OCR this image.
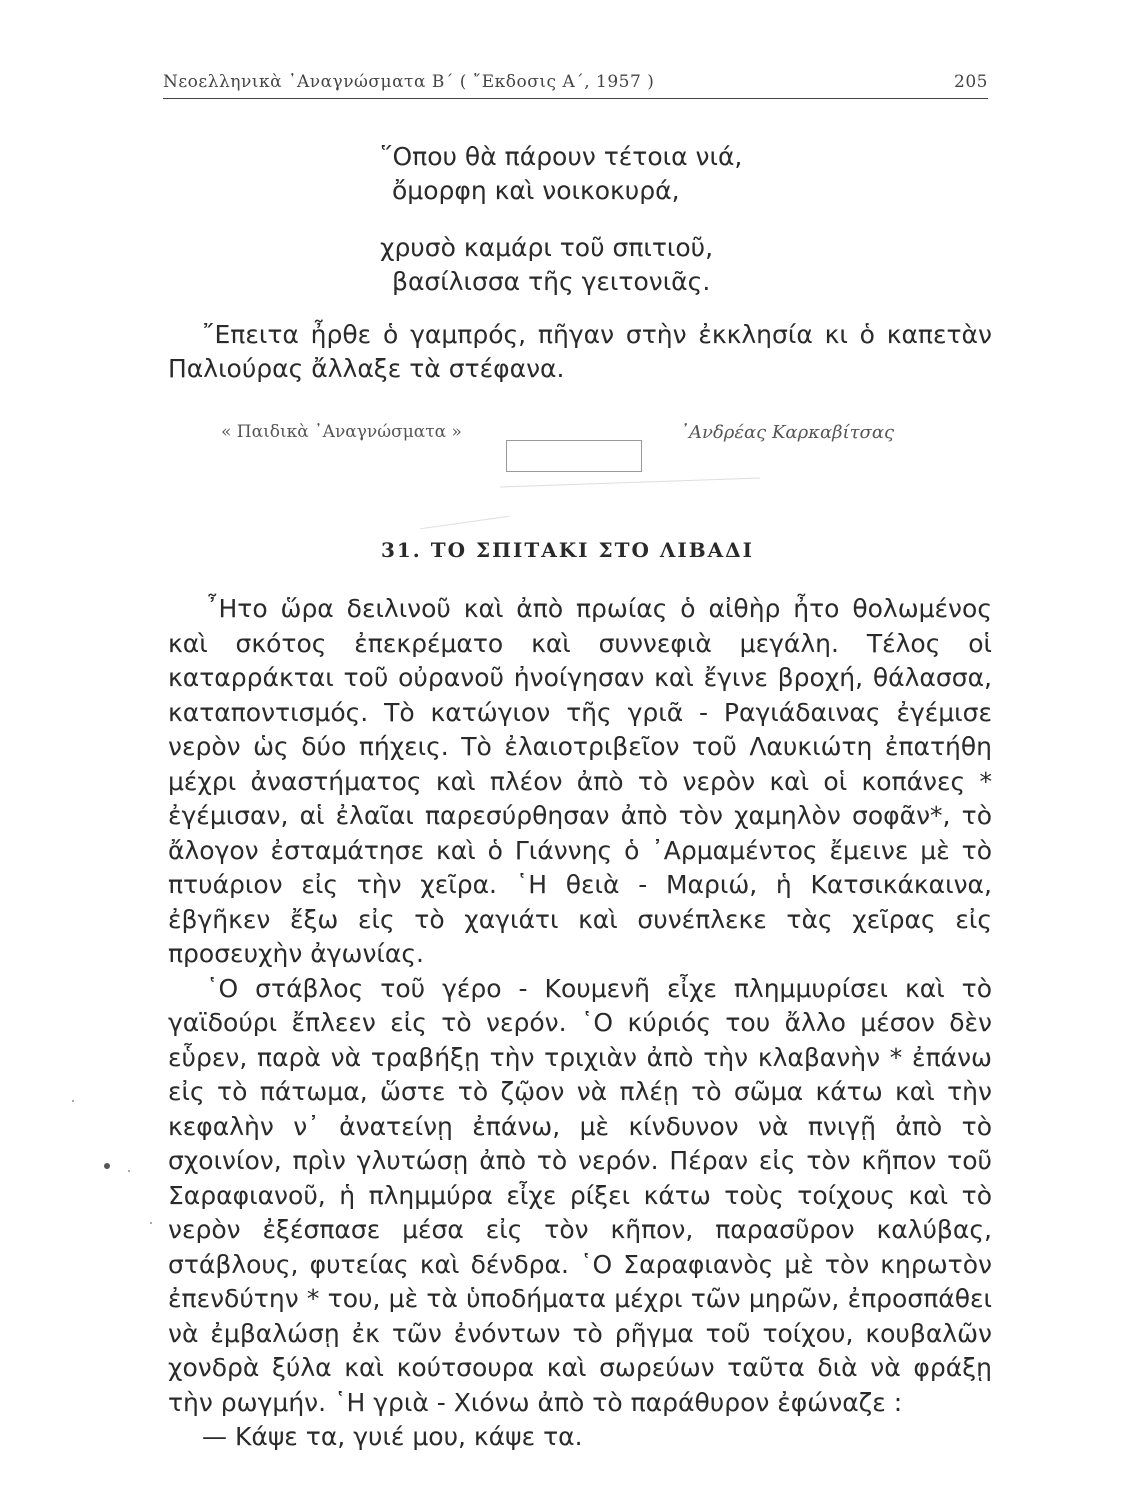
Νεοελληνικὰ ᾿Αναγνώσματα Β΄ ( ῎Εκδοσις Α΄, 1957 )	205
῞Οπου θὰ πάρουν τέτοια νιά,
ὄμορφη καὶ νοικοκυρά,
χρυσὸ καμάρι τοῦ σπιτιοῦ,
βασίλισσα τῆς γειτονιᾶς.
῎Επειτα ἦρθε ὁ γαμπρός, πῆγαν στὴν ἐκκλησία κι ὁ καπετὰν Παλιούρας ἄλλαξε τὰ στέφανα.
« Παιδικὰ ᾿Αναγνώσματα »	᾿Ανδρέας Καρκαβίτσας
31. ΤΟ ΣΠΙΤΑΚΙ ΣΤΟ ΛΙΒΑΔΙ

῏Ητο ὥρα δειλινοῦ καὶ ἀπὸ πρωίας ὁ αἰθὴρ ἦτο θολωμένος καὶ σκότος ἐπεκρέματο καὶ συννεφιὰ μεγάλη. Τέλος οἱ καταρράκται τοῦ οὐρανοῦ ἠνοίγησαν καὶ ἔγινε βροχή, θάλασσα, καταποντισμός. Τὸ κατώγιον τῆς γριᾶ - Ραγιάδαινας ἐγέμισε νερὸν ὡς δύο πήχεις. Τὸ ἐλαιοτριβεῖον τοῦ Λαυκιώτη ἐπατήθη μέχρι ἀναστήματος καὶ πλέον ἀπὸ τὸ νερὸν καὶ οἱ κοπάνες * ἐγέμισαν, αἱ ἐλαῖαι παρεσύρθησαν ἀπὸ τὸν χαμηλὸν σοφᾶν*, τὸ ἄλογον ἐσταμάτησε καὶ ὁ Γιάννης ὁ ᾿Αρμαμέντος ἔμεινε μὲ τὸ πτυάριον εἰς τὴν χεῖρα. ῾Η θειὰ - Μαριώ, ἡ Κατσικάκαινα, ἐβγῆκεν ἔξω εἰς τὸ χαγιάτι καὶ συνέπλεκε τὰς χεῖρας εἰς προσευχὴν ἀγωνίας.

῾Ο στάβλος τοῦ γέρο - Κουμενῆ εἶχε πλημμυρίσει καὶ τὸ γαϊδούρι ἔπλεεν εἰς τὸ νερόν. ῾Ο κύριός του ἄλλο μέσον δὲν εὗρεν, παρὰ νὰ τραβήξῃ τὴν τριχιὰν ἀπὸ τὴν κλαβανὴν * ἐπάνω εἰς τὸ πάτωμα, ὥστε τὸ ζῷον νὰ πλέῃ τὸ σῶμα κάτω καὶ τὴν κεφαλὴν ν᾿ ἀνατείνῃ ἐπάνω, μὲ κίνδυνον νὰ πνιγῇ ἀπὸ τὸ σχοινίον, πρὶν γλυτώσῃ ἀπὸ τὸ νερόν. Πέραν εἰς τὸν κῆπον τοῦ Σαραφιανοῦ, ἡ πλημμύρα εἶχε ρίξει κάτω τοὺς τοίχους καὶ τὸ νερὸν ἐξέσπασε μέσα εἰς τὸν κῆπον, παρασῦρον καλύβας, στάβλους, φυτείας καὶ δένδρα. ῾Ο Σαραφιανὸς μὲ τὸν κηρωτὸν ἐπενδύτην * του, μὲ τὰ ὑποδήματα μέχρι τῶν μηρῶν, ἐπροσπάθει νὰ ἐμβαλώσῃ ἐκ τῶν ἐνόντων τὸ ρῆγμα τοῦ τοίχου, κουβαλῶν χονδρὰ ξύλα καὶ κούτσουρα καὶ σωρεύων ταῦτα διὰ νὰ φράξῃ τὴν ρωγμήν. ῾Η γριὰ - Χιόνω ἀπὸ τὸ παράθυρον ἐφώναζε :

— Κάψε τα, γυιέ μου, κάψε τα.
